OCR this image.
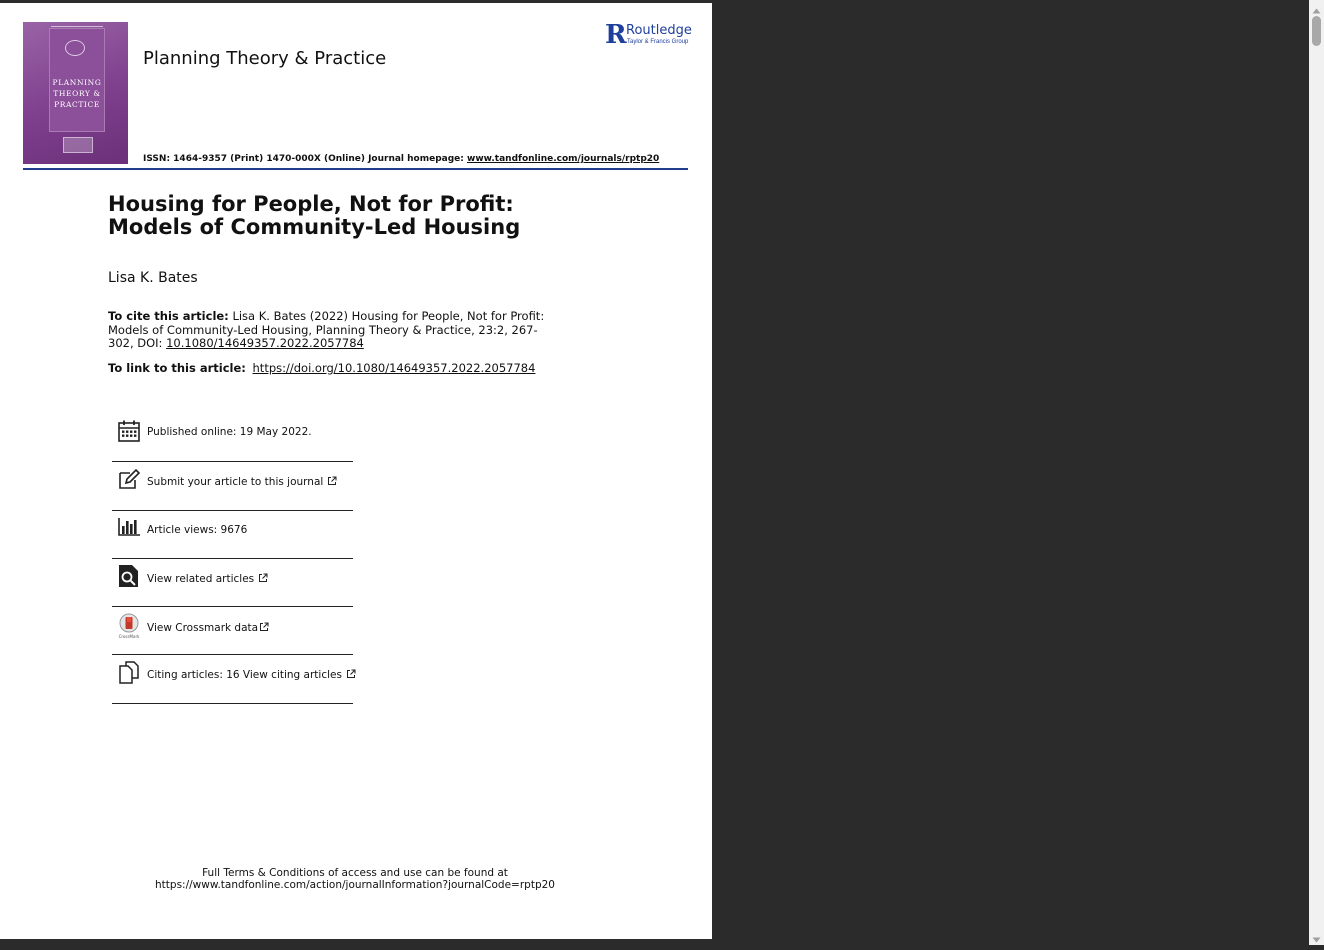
PLANNING
THEORY &
PRACTICE
Planning Theory & Practice
R Routledge
Taylor & Francis Group
ISSN: 1464-9357 (Print) 1470-000X (Online) Journal homepage: www.tandfonline.com/journals/rptp20
Housing for People, Not for Profit: Models of Community-Led Housing
Lisa K. Bates
To cite this article: Lisa K. Bates (2022) Housing for People, Not for Profit: Models of Community-Led Housing, Planning Theory & Practice, 23:2, 267-302, DOI: 10.1080/14649357.2022.2057784
To link to this article: https://doi.org/10.1080/14649357.2022.2057784
Published online: 19 May 2022.
Submit your article to this journal
Article views: 9676
View related articles
CrossMark
View Crossmark data
Citing articles: 16 View citing articles
Full Terms & Conditions of access and use can be found at
https://www.tandfonline.com/action/journalInformation?journalCode=rptp20
